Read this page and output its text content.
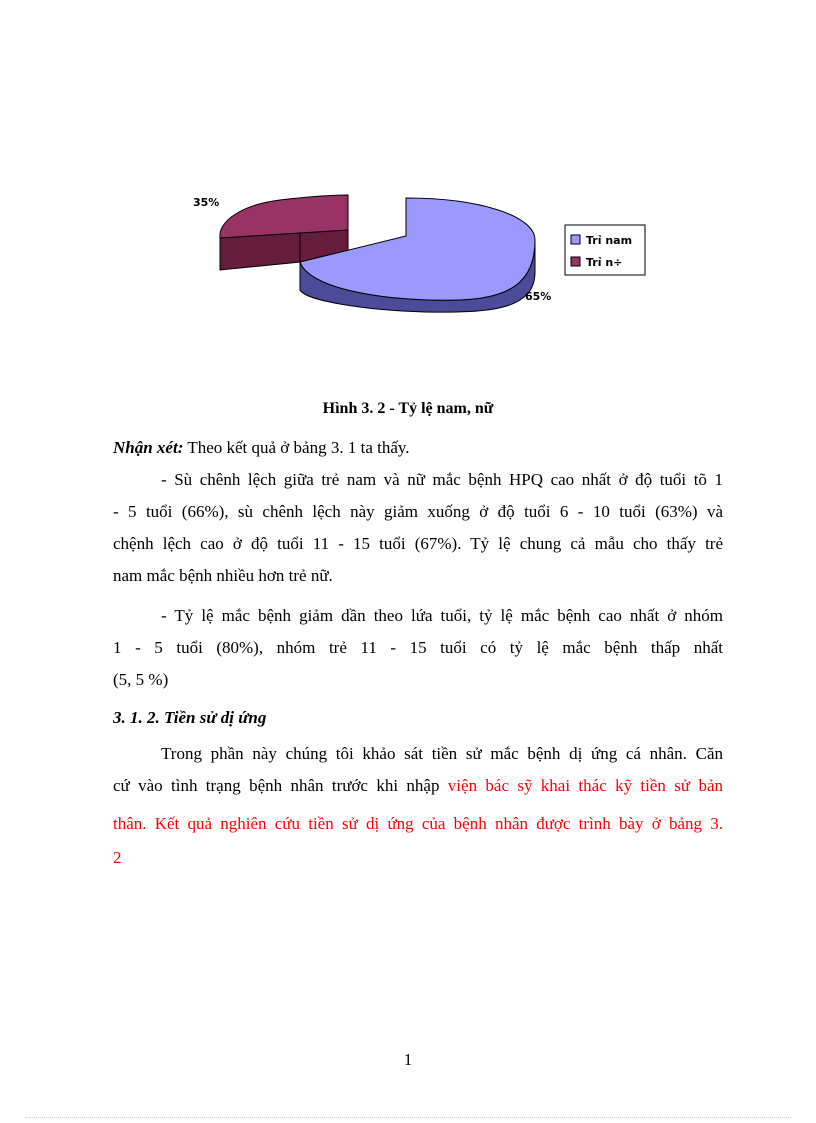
35%
65%
Trỉ nam
Trỉ n÷
Hình 3. 2 - Tỷ lệ nam, nữ

Nhận xét: Theo kết quả ở bảng 3. 1 ta thấy.

- Sù chênh lệch giữa trẻ nam và nữ mắc bệnh HPQ cao nhất ở độ tuổi tõ 1

- 5 tuổi (66%), sù chênh lệch này giảm xuống ở độ tuổi 6 - 10 tuổi (63%) và

chệnh lệch cao ở độ tuổi 11 - 15 tuổi (67%). Tỷ lệ chung cả mẫu cho thấy trẻ

nam mắc bệnh nhiều hơn trẻ nữ.

- Tỷ lệ mắc bệnh giảm dần theo lứa tuổi, tỷ lệ mắc bệnh cao nhất ở nhóm

1 - 5 tuổi (80%), nhóm trẻ 11 - 15 tuổi có tỷ lệ mắc bệnh thấp nhất

(5, 5 %)

3. 1. 2. Tiền sử dị ứng

Trong phần này chúng tôi khảo sát tiền sử mắc bệnh dị ứng cá nhân. Căn

cứ vào tình trạng bệnh nhân trước khi nhập viện bác sỹ khai thác kỹ tiền sử bản

thân. Kết quả nghiên cứu tiền sử dị ứng của bệnh nhân được trình bày ở bảng 3.

2

1
